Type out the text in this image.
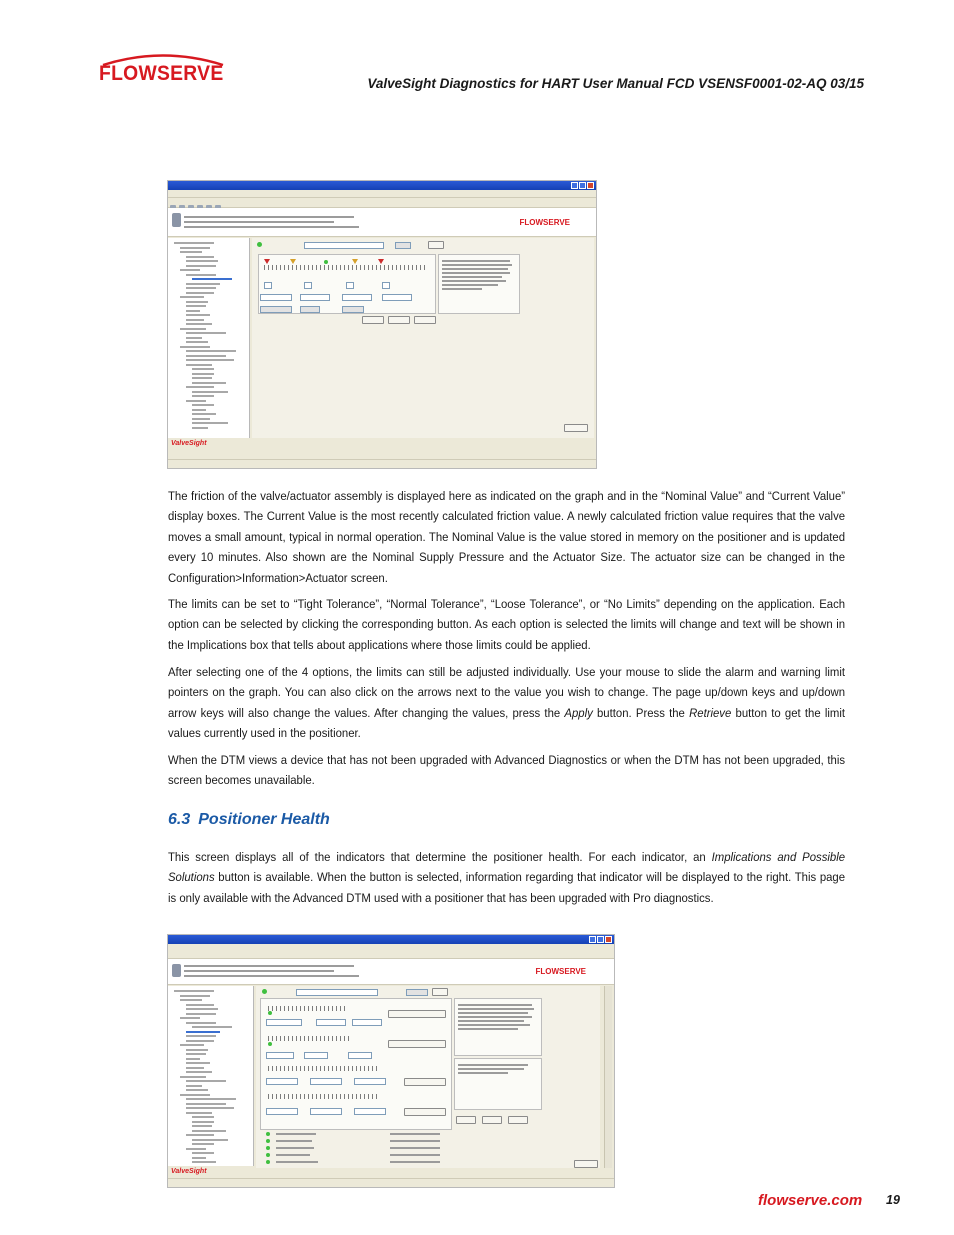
FLOWSERVE	ValveSight Diagnostics for HART User Manual FCD VSENSF0001-02-AQ 03/15
FLOWSERVE
ValveSight
The friction of the valve/actuator assembly is displayed here as indicated on the graph and in the “Nominal Value” and “Current Value” display boxes. The Current Value is the most recently calculated friction value. A newly calculated friction value requires that the valve moves a small amount, typical in normal operation. The Nominal Value is the value stored in memory on the positioner and is updated every 10 minutes. Also shown are the Nominal Supply Pressure and the Actuator Size. The actuator size can be changed in the Configuration>Information>Actuator screen.
The limits can be set to “Tight Tolerance”, “Normal Tolerance”, “Loose Tolerance”, or “No Limits” depending on the application. Each option can be selected by clicking the corresponding button. As each option is selected the limits will change and text will be shown in the Implications box that tells about applications where those limits could be applied.
After selecting one of the 4 options, the limits can still be adjusted individually. Use your mouse to slide the alarm and warning limit pointers on the graph. You can also click on the arrows next to the value you wish to change. The page up/down keys and up/down arrow keys will also change the values. After changing the values, press the Apply button. Press the Retrieve button to get the limit values currently used in the positioner.
When the DTM views a device that has not been upgraded with Advanced Diagnostics or when the DTM has not been upgraded, this screen becomes unavailable.
6.3 Positioner Health
This screen displays all of the indicators that determine the positioner health. For each indicator, an Implications and Possible Solutions button is available. When the button is selected, information regarding that indicator will be displayed to the right. This page is only available with the Advanced DTM used with a positioner that has been upgraded with Pro diagnostics.
FLOWSERVE
ValveSight
flowserve.com 19
